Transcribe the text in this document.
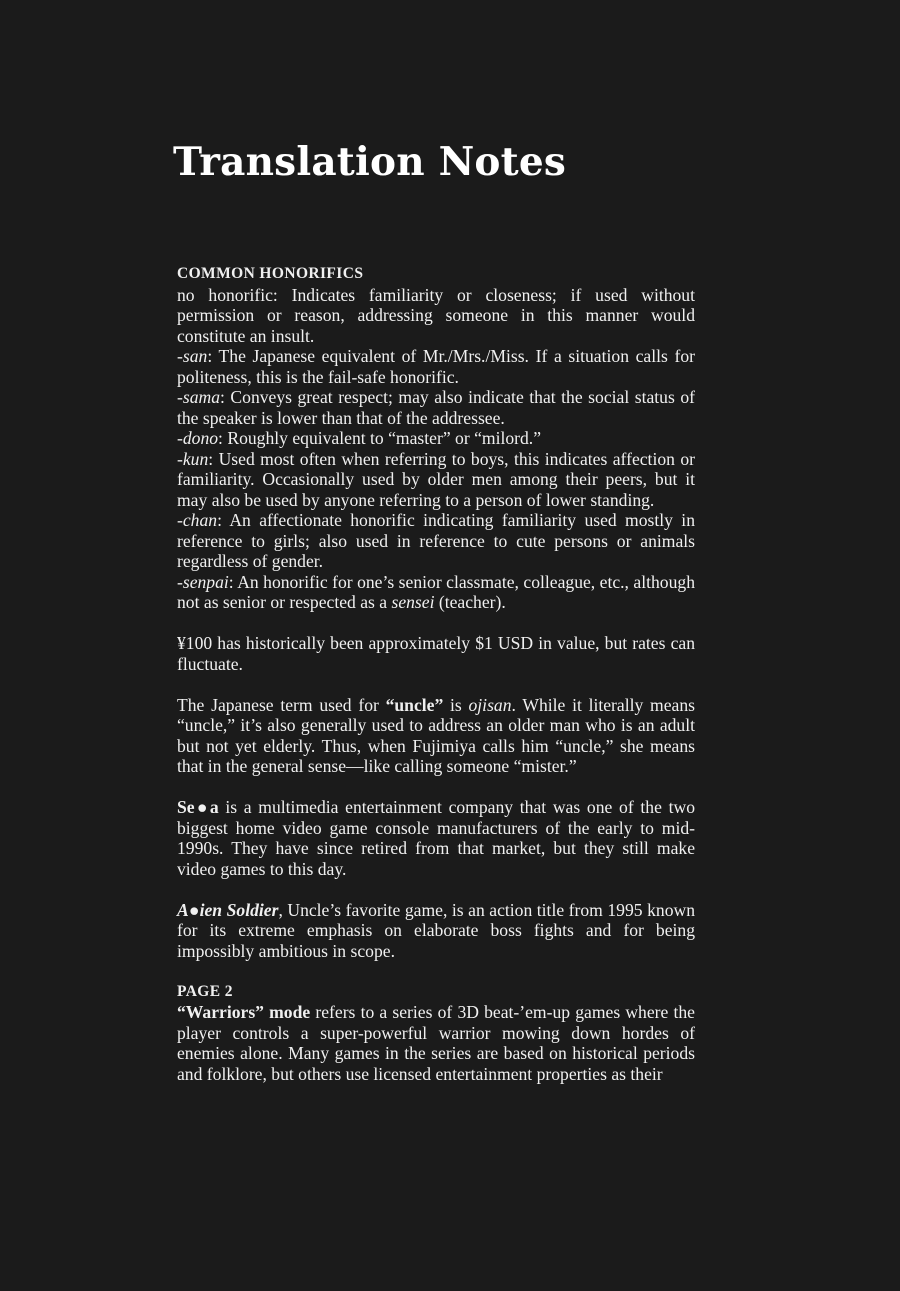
Translation Notes
COMMON HONORIFICS

no honorific: Indicates familiarity or closeness; if used without permission or reason, addressing someone in this manner would constitute an insult.

-san: The Japanese equivalent of Mr./Mrs./Miss. If a situation calls for politeness, this is the fail-safe honorific.

-sama: Conveys great respect; may also indicate that the social status of the speaker is lower than that of the addressee.

-dono: Roughly equivalent to “master” or “milord.”

-kun: Used most often when referring to boys, this indicates affection or familiarity. Occasionally used by older men among their peers, but it may also be used by anyone referring to a person of lower standing.

-chan: An affectionate honorific indicating familiarity used mostly in reference to girls; also used in reference to cute persons or animals regardless of gender.

-senpai: An honorific for one’s senior classmate, colleague, etc., although not as senior or respected as a sensei (teacher).

¥100 has historically been approximately $1 USD in value, but rates can fluctuate.

The Japanese term used for “uncle” is ojisan. While it literally means “uncle,” it’s also generally used to address an older man who is an adult but not yet elderly. Thus, when Fujimiya calls him “uncle,” she means that in the general sense—like calling someone “mister.”

Se●a is a multimedia entertainment company that was one of the two biggest home video game console manufacturers of the early to mid-1990s. They have since retired from that market, but they still make video games to this day.

A●ien Soldier, Uncle’s favorite game, is an action title from 1995 known for its extreme emphasis on elaborate boss fights and for being impossibly ambitious in scope.

PAGE 2

“Warriors” mode refers to a series of 3D beat-’em-up games where the player controls a super-powerful warrior mowing down hordes of enemies alone. Many games in the series are based on historical periods and folklore, but others use licensed entertainment properties as their
